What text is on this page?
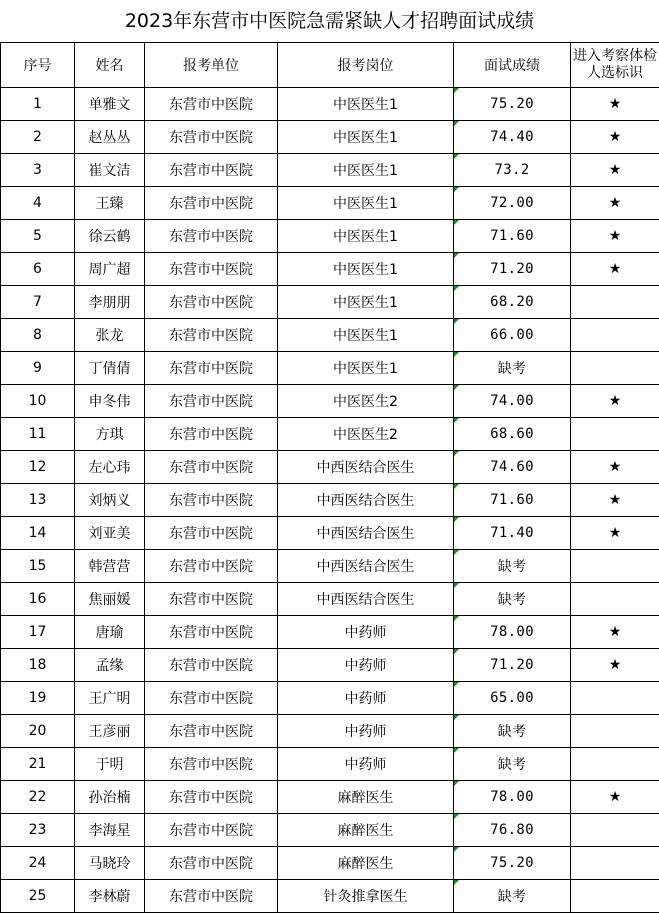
2023年东营市中医院急需紧缺人才招聘面试成绩
序号	姓名	报考单位	报考岗位	面试成绩	进入考察体检人选标识
1	单雅文	东营市中医院	中医医生1	75.20	★
2	赵丛丛	东营市中医院	中医医生1	74.40	★
3	崔文洁	东营市中医院	中医医生1	73.2	★
4	王臻	东营市中医院	中医医生1	72.00	★
5	徐云鹤	东营市中医院	中医医生1	71.60	★
6	周广超	东营市中医院	中医医生1	71.20	★
7	李朋朋	东营市中医院	中医医生1	68.20	
8	张龙	东营市中医院	中医医生1	66.00	
9	丁倩倩	东营市中医院	中医医生1	缺考	
10	申冬伟	东营市中医院	中医医生2	74.00	★
11	方琪	东营市中医院	中医医生2	68.60	
12	左心玮	东营市中医院	中西医结合医生	74.60	★
13	刘炳义	东营市中医院	中西医结合医生	71.60	★
14	刘亚美	东营市中医院	中西医结合医生	71.40	★
15	韩营营	东营市中医院	中西医结合医生	缺考	
16	焦丽媛	东营市中医院	中西医结合医生	缺考	
17	唐瑜	东营市中医院	中药师	78.00	★
18	孟缘	东营市中医院	中药师	71.20	★
19	王广明	东营市中医院	中药师	65.00	
20	王彦丽	东营市中医院	中药师	缺考	
21	于明	东营市中医院	中药师	缺考	
22	孙治楠	东营市中医院	麻醉医生	78.00	★
23	李海星	东营市中医院	麻醉医生	76.80	
24	马晓玲	东营市中医院	麻醉医生	75.20	
25	李林蔚	东营市中医院	针灸推拿医生	缺考	
